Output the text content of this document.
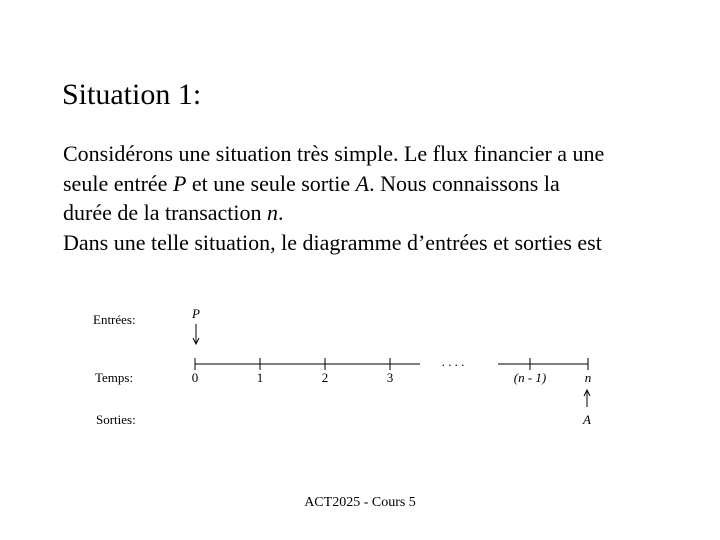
Situation 1:
Considérons une situation très simple. Le flux financier a une
seule entrée P et une seule sortie A. Nous connaissons la
durée de la transaction n.
Dans une telle situation, le diagramme d’entrées et sorties est
Entrées:
Temps:
Sorties:
P
0	1	2	3
. . . .
(n - 1)	n
A
ACT2025 - Cours 5
